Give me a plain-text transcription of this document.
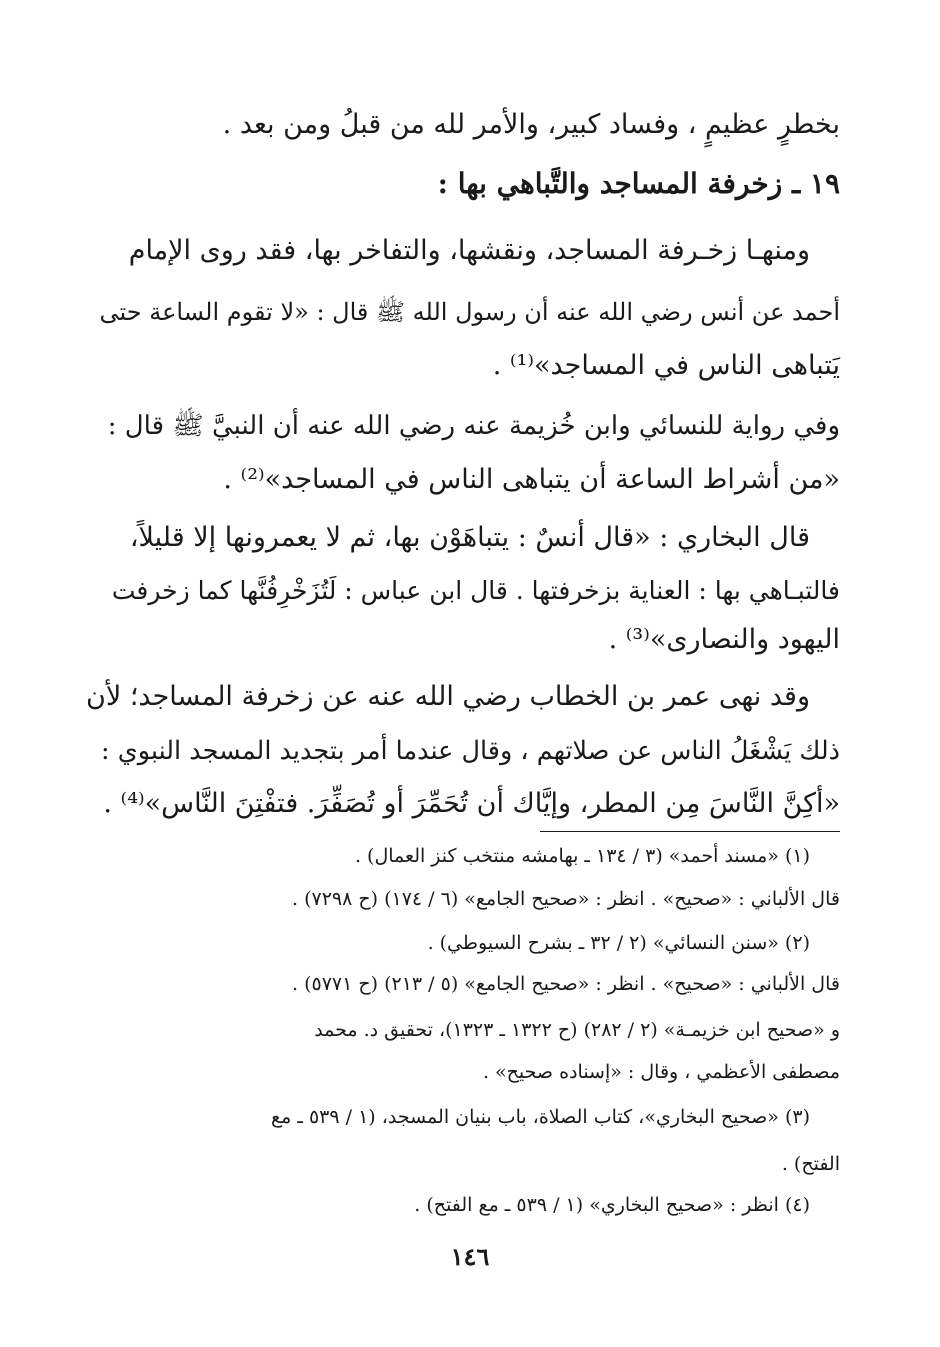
بخطرٍ عظيمٍ ، وفساد كبير، والأمر لله من قبلُ ومن بعد .
١٩ ـ زخرفة المساجد والتَّباهي بها :
ومنهـا زخـرفة المساجد، ونقشها، والتفاخر بها، فقد روى الإمام
أحمد عن أنس رضي الله عنه أن رسول الله ﷺ قال : «لا تقوم الساعة حتى
يَتباهى الناس في المساجد»⁽¹⁾ .
وفي رواية للنسائي وابن خُزيمة عنه رضي الله عنه أن النبيَّ ﷺ قال :
«من أشراط الساعة أن يتباهى الناس في المساجد»⁽²⁾ .
قال البخاري : «قال أنسٌ : يتباهَوْن بها، ثم لا يعمرونها إلا قليلاً،
فالتبـاهي بها : العناية بزخرفتها . قال ابن عباس : لَتُزَخْرِفُنَّها كما زخرفت
اليهود والنصارى»⁽³⁾ .
وقد نهى عمر بن الخطاب رضي الله عنه عن زخرفة المساجد؛ لأن
ذلك يَشْغَلُ الناس عن صلاتهم ، وقال عندما أمر بتجديد المسجد النبوي :
«أكِنَّ النَّاسَ مِن المطر، وإيَّاك أن تُحَمِّرَ أو تُصَفِّرَ. فتفْتِنَ النَّاس»⁽⁴⁾ .
(١) «مسند أحمد» (٣ / ١٣٤ ـ بهامشه منتخب كنز العمال) .
قال الألباني : «صحيح» . انظر : «صحيح الجامع» (٦ / ١٧٤) (ح ٧٢٩٨) .
(٢) «سنن النسائي» (٢ / ٣٢ ـ بشرح السيوطي) .
قال الألباني : «صحيح» . انظر : «صحيح الجامع» (٥ / ٢١٣) (ح ٥٧٧١) .
و «صحيح ابن خزيمـة» (٢ / ٢٨٢) (ح ١٣٢٢ ـ ١٣٢٣)، تحقيق د. محمد
مصطفى الأعظمي ، وقال : «إسناده صحيح» .
(٣) «صحيح البخاري»، كتاب الصلاة، باب بنيان المسجد، (١ / ٥٣٩ ـ مع
الفتح) .
(٤) انظر : «صحيح البخاري» (١ / ٥٣٩ ـ مع الفتح) .
١٤٦
